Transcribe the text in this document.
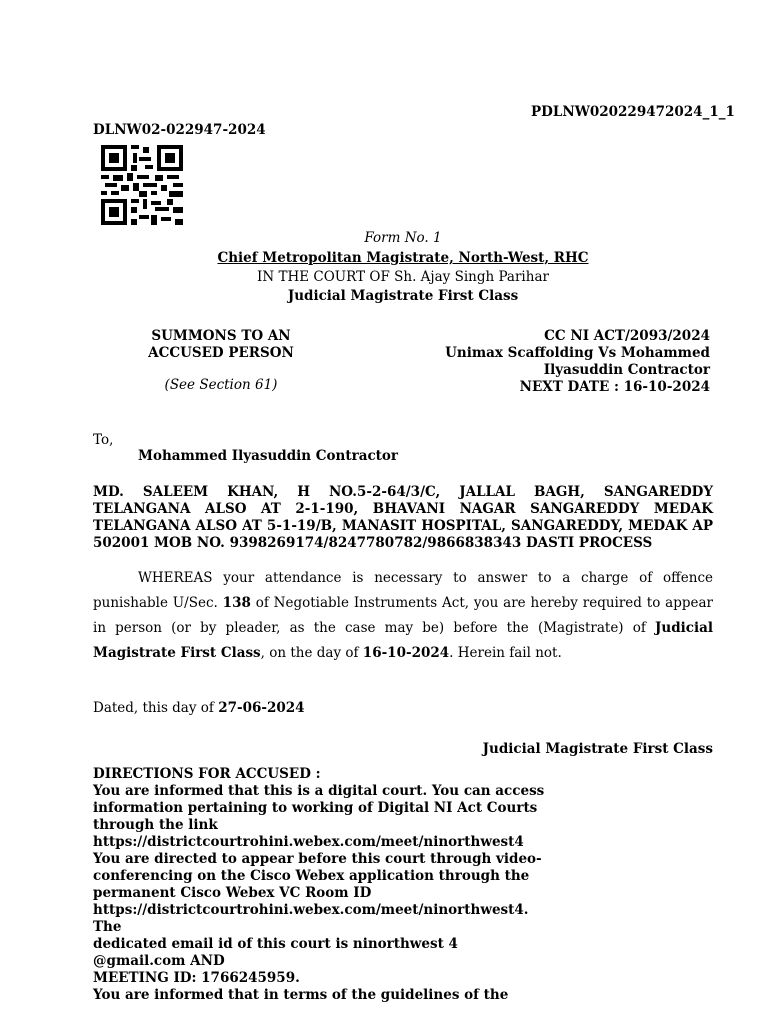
PDLNW020229472024_1_1
DLNW02-022947-2024
Form No. 1
Chief Metropolitan Magistrate, North-West, RHC
IN THE COURT OF Sh. Ajay Singh Parihar
Judicial Magistrate First Class
SUMMONS TO AN
ACCUSED PERSON
(See Section 61)
CC NI ACT/2093/2024
Unimax Scaffolding Vs Mohammed Ilyasuddin Contractor
NEXT DATE : 16-10-2024
To,
Mohammed Ilyasuddin Contractor
MD. SALEEM KHAN, H NO.5-2-64/3/C, JALLAL BAGH, SANGAREDDY TELANGANA ALSO AT 2-1-190, BHAVANI NAGAR SANGAREDDY MEDAK TELANGANA ALSO AT 5-1-19/B, MANASIT HOSPITAL, SANGAREDDY, MEDAK AP 502001 MOB NO. 9398269174/8247780782/9866838343 DASTI PROCESS
WHEREAS your attendance is necessary to answer to a charge of offence punishable U/Sec. 138 of Negotiable Instruments Act, you are hereby required to appear in person (or by pleader, as the case may be) before the (Magistrate) of Judicial Magistrate First Class, on the day of 16-10-2024. Herein fail not.
Dated, this day of 27-06-2024
Judicial Magistrate First Class
DIRECTIONS FOR ACCUSED :
You are informed that this is a digital court. You can access
information pertaining to working of Digital NI Act Courts
through the link
https://districtcourtrohini.webex.com/meet/ninorthwest4
You are directed to appear before this court through video-
conferencing on the Cisco Webex application through the
permanent Cisco Webex VC Room ID
https://districtcourtrohini.webex.com/meet/ninorthwest4. The
dedicated email id of this court is ninorthwest 4 @gmail.com AND
MEETING ID: 1766245959.
You are informed that in terms of the guidelines of the
